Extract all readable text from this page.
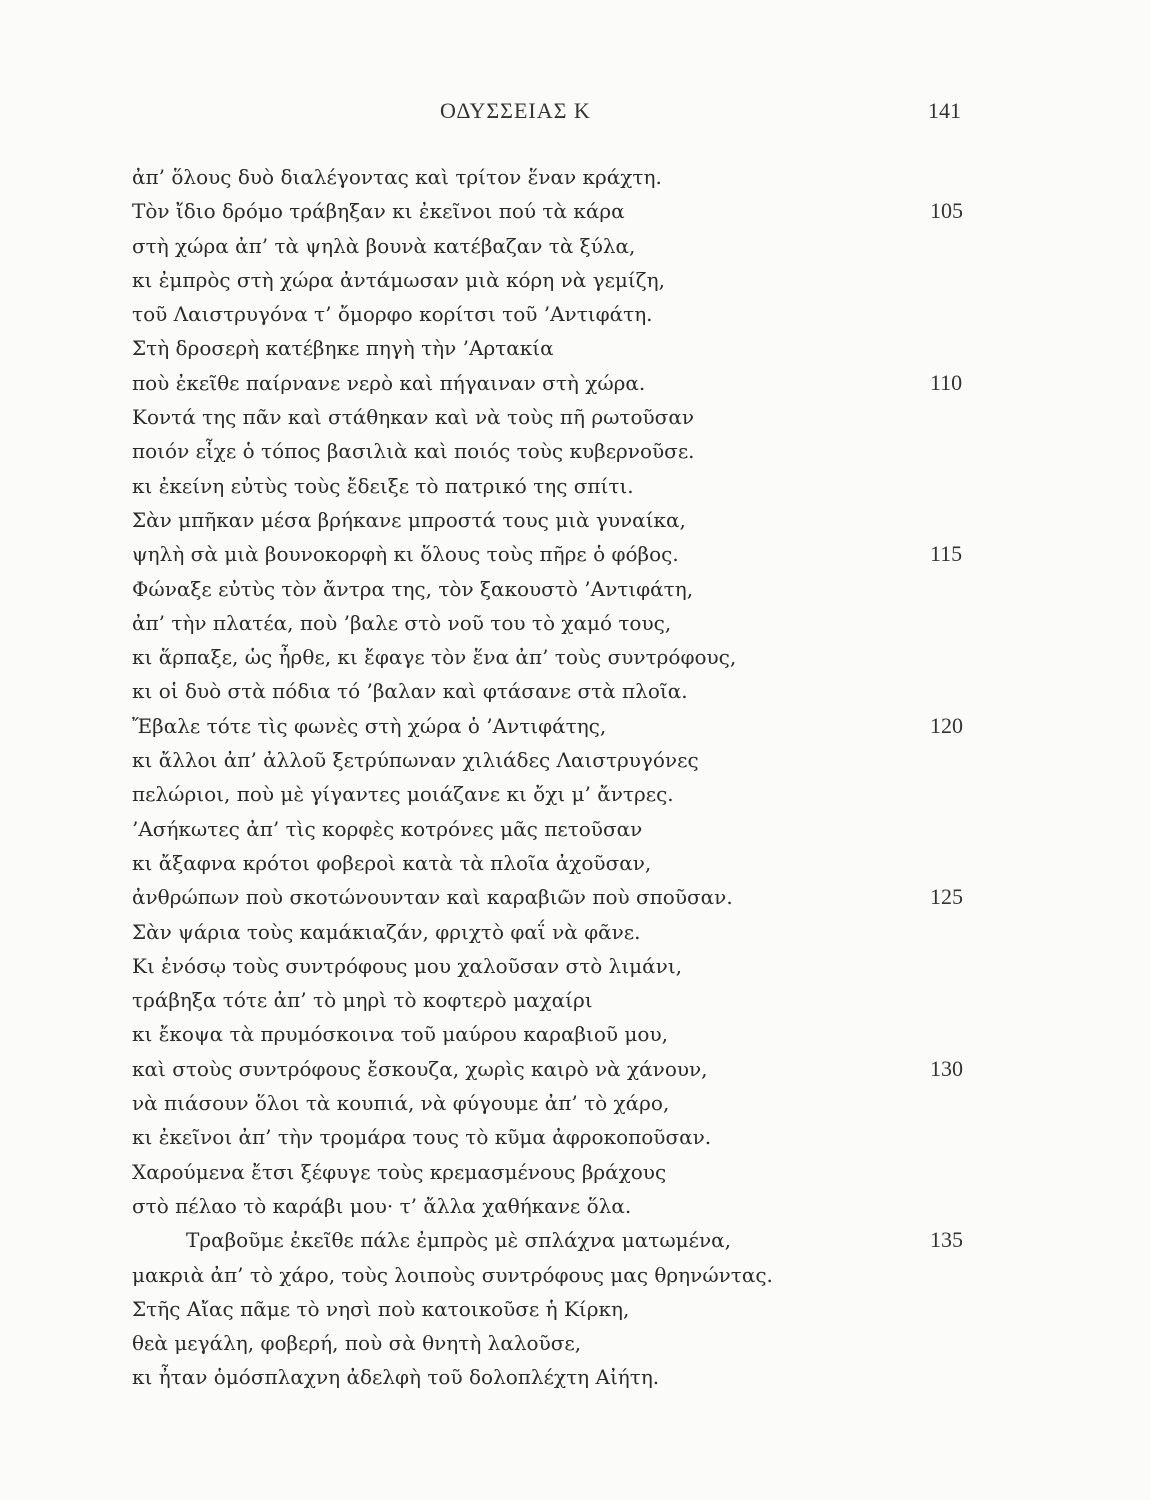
ΟΔΥΣΣΕΙΑΣ Κ	141
ἀπ’ ὅλους δυὸ διαλέγοντας καὶ τρίτον ἕναν κράχτη.
Τὸν ἴδιο δρόμο τράβηξαν κι ἐκεῖνοι πού τὰ κάρα	105
στὴ χώρα ἀπ’ τὰ ψηλὰ βουνὰ κατέβαζαν τὰ ξύλα,
κι ἐμπρὸς στὴ χώρα ἀντάμωσαν μιὰ κόρη νὰ γεμίζη,
τοῦ Λαιστρυγόνα τ’ ὄμορφο κορίτσι τοῦ ’Αντιφάτη.
Στὴ δροσερὴ κατέβηκε πηγὴ τὴν ’Αρτακία
ποὺ ἐκεῖθε παίρνανε νερὸ καὶ πήγαιναν στὴ χώρα.	110
Κοντά της πᾶν καὶ στάθηκαν καὶ νὰ τοὺς πῆ ρωτοῦσαν
ποιόν εἶχε ὁ τόπος βασιλιὰ καὶ ποιός τοὺς κυβερνοῦσε.
κι ἐκείνη εὐτὺς τοὺς ἔδειξε τὸ πατρικό της σπίτι.
Σὰν μπῆκαν μέσα βρήκανε μπροστά τους μιὰ γυναίκα,
ψηλὴ σὰ μιὰ βουνοκορφὴ κι ὅλους τοὺς πῆρε ὁ φόβος.	115
Φώναξε εὐτὺς τὸν ἄντρα της, τὸν ξακουστὸ ’Αντιφάτη,
ἀπ’ τὴν πλατέα, ποὺ ’βαλε στὸ νοῦ του τὸ χαμό τους,
κι ἅρπαξε, ὡς ἦρθε, κι ἔφαγε τὸν ἕνα ἀπ’ τοὺς συντρόφους,
κι οἱ δυὸ στὰ πόδια τό ’βαλαν καὶ φτάσανε στὰ πλοῖα.
Ἔβαλε τότε τὶς φωνὲς στὴ χώρα ὁ ’Αντιφάτης,	120
κι ἄλλοι ἀπ’ ἀλλοῦ ξετρύπωναν χιλιάδες Λαιστρυγόνες
πελώριοι, ποὺ μὲ γίγαντες μοιάζανε κι ὄχι μ’ ἄντρες.
’Ασήκωτες ἀπ’ τὶς κορφὲς κοτρόνες μᾶς πετοῦσαν
κι ἄξαφνα κρότοι φοβεροὶ κατὰ τὰ πλοῖα ἀχοῦσαν,
ἀνθρώπων ποὺ σκοτώνουνταν καὶ καραβιῶν ποὺ σποῦσαν.	125
Σὰν ψάρια τοὺς καμάκιαζάν, φριχτὸ φαΐ νὰ φᾶνε.
Κι ἐνόσῳ τοὺς συντρόφους μου χαλοῦσαν στὸ λιμάνι,
τράβηξα τότε ἀπ’ τὸ μηρὶ τὸ κοφτερὸ μαχαίρι
κι ἔκοψα τὰ πρυμόσκοινα τοῦ μαύρου καραβιοῦ μου,
καὶ στοὺς συντρόφους ἔσκουζα, χωρὶς καιρὸ νὰ χάνουν,	130
νὰ πιάσουν ὅλοι τὰ κουπιά, νὰ φύγουμε ἀπ’ τὸ χάρο,
κι ἐκεῖνοι ἀπ’ τὴν τρομάρα τους τὸ κῦμα ἀφροκοποῦσαν.
Χαρούμενα ἔτσι ξέφυγε τοὺς κρεμασμένους βράχους
στὸ πέλαο τὸ καράβι μου· τ’ ἄλλα χαθήκανε ὅλα.
Τραβοῦμε ἐκεῖθε πάλε ἐμπρὸς μὲ σπλάχνα ματωμένα,	135
μακριὰ ἀπ’ τὸ χάρο, τοὺς λοιποὺς συντρόφους μας θρηνώντας.
Στῆς Αἴας πᾶμε τὸ νησὶ ποὺ κατοικοῦσε ἡ Κίρκη,
θεὰ μεγάλη, φοβερή, ποὺ σὰ θνητὴ λαλοῦσε,
κι ἦταν ὁμόσπλαχνη ἀδελφὴ τοῦ δολοπλέχτη Αἰήτη.
